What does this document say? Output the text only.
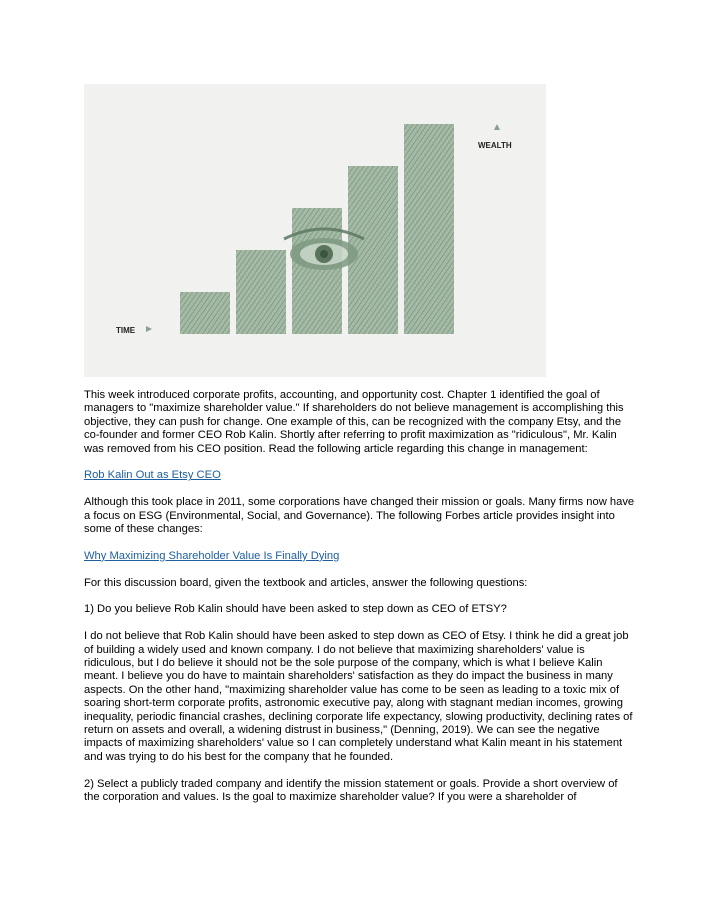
TIME
WEALTH

This week introduced corporate profits, accounting, and opportunity cost. Chapter 1 identified the goal of managers to "maximize shareholder value." If shareholders do not believe management is accomplishing this objective, they can push for change. One example of this, can be recognized with the company Etsy, and the co-founder and former CEO Rob Kalin. Shortly after referring to profit maximization as "ridiculous", Mr. Kalin was removed from his CEO position. Read the following article regarding this change in management:

Rob Kalin Out as Etsy CEO

Although this took place in 2011, some corporations have changed their mission or goals. Many firms now have a focus on ESG (Environmental, Social, and Governance). The following Forbes article provides insight into some of these changes:

Why Maximizing Shareholder Value Is Finally Dying

For this discussion board, given the textbook and articles, answer the following questions:

1) Do you believe Rob Kalin should have been asked to step down as CEO of ETSY?

I do not believe that Rob Kalin should have been asked to step down as CEO of Etsy. I think he did a great job of building a widely used and known company. I do not believe that maximizing shareholders' value is ridiculous, but I do believe it should not be the sole purpose of the company, which is what I believe Kalin meant. I believe you do have to maintain shareholders' satisfaction as they do impact the business in many aspects. On the other hand, "maximizing shareholder value has come to be seen as leading to a toxic mix of soaring short-term corporate profits, astronomic executive pay, along with stagnant median incomes, growing inequality, periodic financial crashes, declining corporate life expectancy, slowing productivity, declining rates of return on assets and overall, a widening distrust in business," (Denning, 2019). We can see the negative impacts of maximizing shareholders' value so I can completely understand what Kalin meant in his statement and was trying to do his best for the company that he founded.

2) Select a publicly traded company and identify the mission statement or goals. Provide a short overview of the corporation and values. Is the goal to maximize shareholder value? If you were a shareholder of
